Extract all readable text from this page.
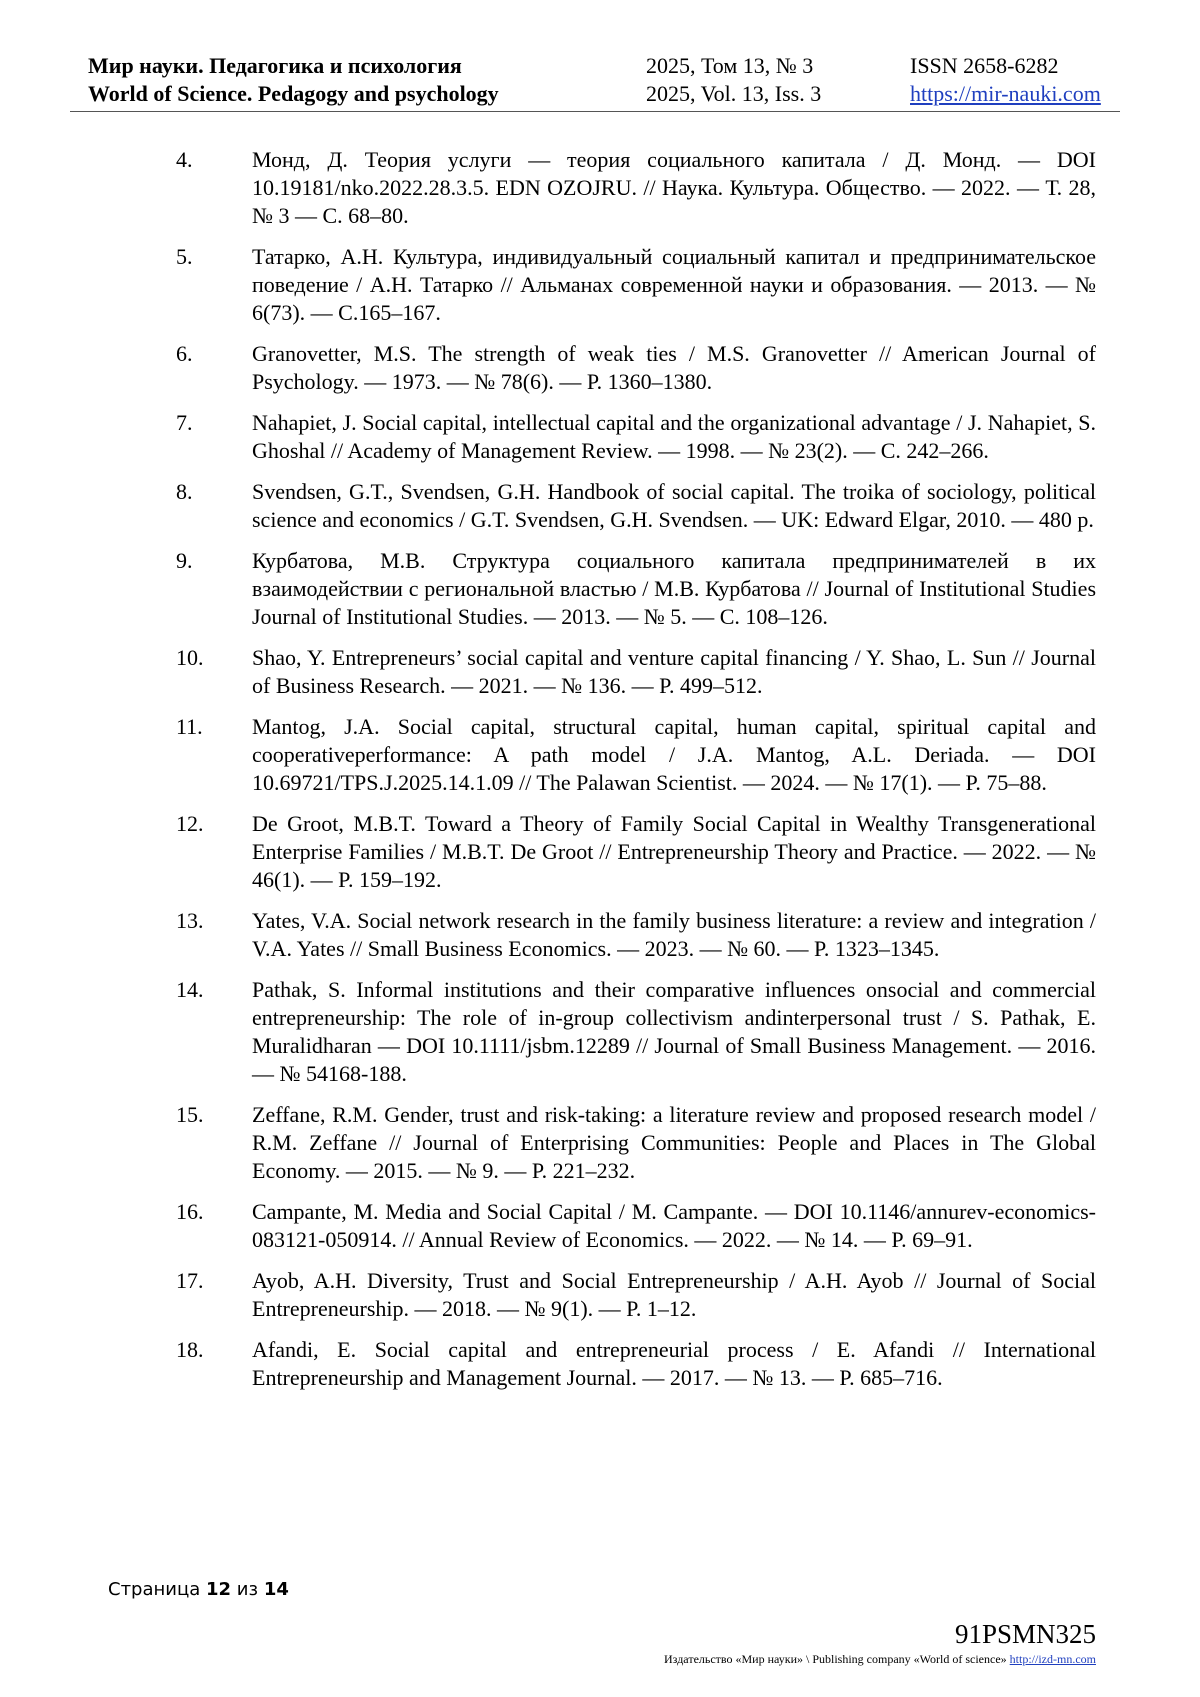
Мир науки. Педагогика и психология	2025, Том 13, № 3	ISSN 2658-6282
World of Science. Pedagogy and psychology	2025, Vol. 13, Iss. 3	https://mir-nauki.com
4.	Монд, Д. Теория услуги — теория социального капитала / Д. Монд. — DOI 10.19181/nko.2022.28.3.5. EDN OZOJRU. // Наука. Культура. Общество. — 2022. — Т. 28, № 3 — С. 68–80.
5.	Татарко, А.Н. Культура, индивидуальный социальный капитал и предпринимательское поведение / А.Н. Татарко // Альманах современной науки и образования. — 2013. — № 6(73). — С.165–167.
6.	Granovetter, M.S. The strength of weak ties / M.S. Granovetter // American Journal of Psychology. — 1973. — № 78(6). — P. 1360–1380.
7.	Nahapiet, J. Social capital, intellectual capital and the organizational advantage / J. Nahapiet, S. Ghoshal // Academy of Management Review. — 1998. — № 23(2). — C. 242–266.
8.	Svendsen, G.T., Svendsen, G.H. Handbook of social capital. The troika of sociology, political science and economics / G.T. Svendsen, G.H. Svendsen. — UK: Edward Elgar, 2010. — 480 p.
9.	Курбатова, М.В. Структура социального капитала предпринимателей в их взаимодействии с региональной властью / М.В. Курбатова // Journal of Institutional Studies Journal of Institutional Studies. — 2013. — № 5. — С. 108–126.
10. Shao, Y. Entrepreneurs’ social capital and venture capital financing / Y. Shao, L. Sun // Journal of Business Research. — 2021. — № 136. — P. 499–512.
11. Mantog, J.A. Social capital, structural capital, human capital, spiritual capital and cooperativeperformance: A path model / J.A. Mantog, A.L. Deriada. — DOI 10.69721/TPS.J.2025.14.1.09 // The Palawan Scientist. — 2024. — № 17(1). — P. 75–88.
12. De Groot, M.B.T. Toward a Theory of Family Social Capital in Wealthy Transgenerational Enterprise Families / M.B.T. De Groot // Entrepreneurship Theory and Practice. — 2022. — № 46(1). — P. 159–192.
13. Yates, V.A. Social network research in the family business literature: a review and integration / V.A. Yates // Small Business Economics. — 2023. — № 60. — P. 1323–1345.
14. Pathak, S. Informal institutions and their comparative influences onsocial and commercial entrepreneurship: The role of in-group collectivism andinterpersonal trust / S. Pathak, E. Muralidharan — DOI 10.1111/jsbm.12289 // Journal of Small Business Management. — 2016. — № 54168-188.
15. Zeffane, R.M. Gender, trust and risk-taking: a literature review and proposed research model / R.M. Zeffane // Journal of Enterprising Communities: People and Places in The Global Economy. — 2015. — № 9. — P. 221–232.
16. Campante, M. Media and Social Capital / M. Campante. — DOI 10.1146/annurev-economics-083121-050914. // Annual Review of Economics. — 2022. — № 14. — P. 69–91.
17. Ayob, A.H. Diversity, Trust and Social Entrepreneurship / A.H. Ayob // Journal of Social Entrepreneurship. — 2018. — № 9(1). — P. 1–12.
18. Afandi, E. Social capital and entrepreneurial process / E. Afandi // International Entrepreneurship and Management Journal. — 2017. — № 13. — P. 685–716.
Страница 12 из 14
91PSMN325
Издательство «Мир науки» \ Publishing company «World of science» http://izd-mn.com
